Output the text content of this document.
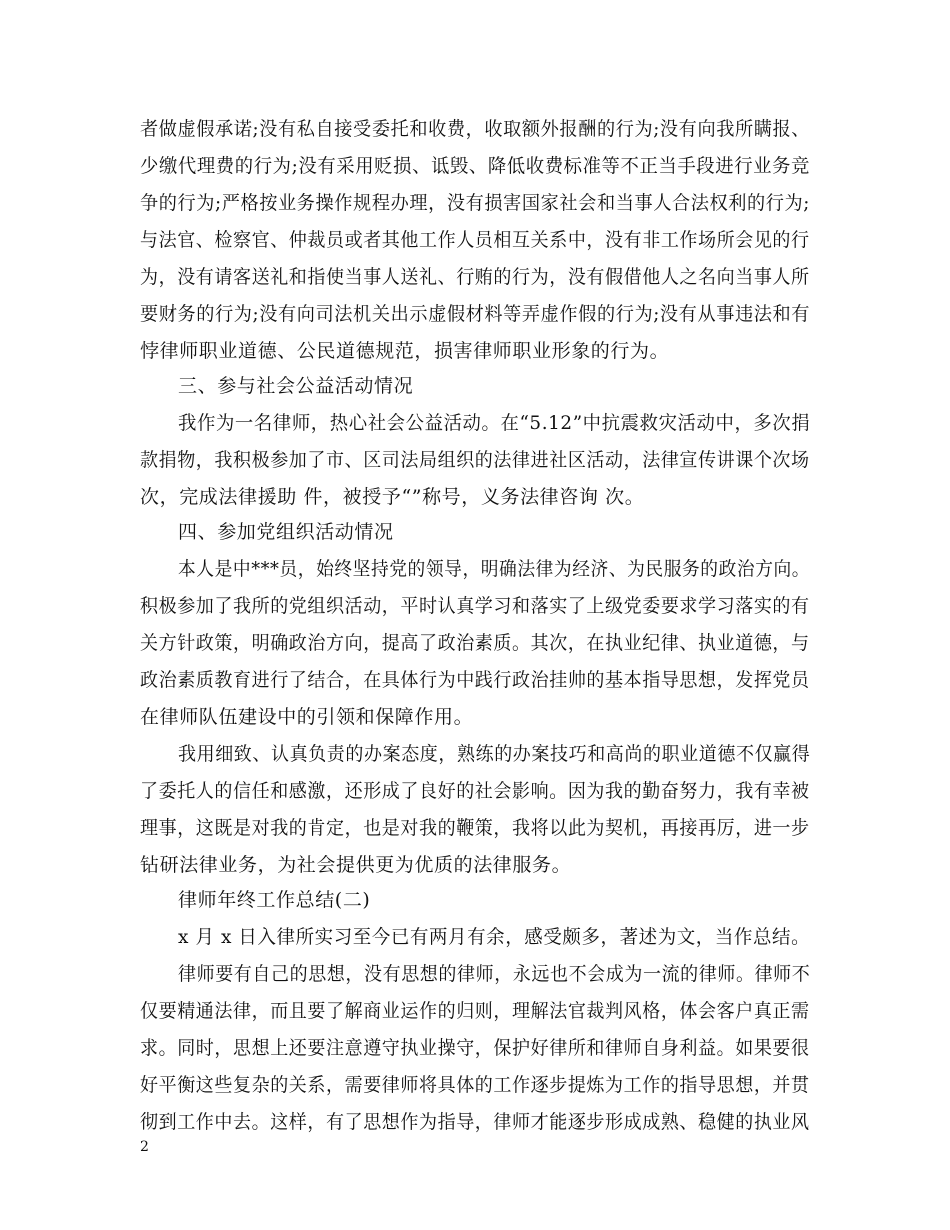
者做虚假承诺;没有私自接受委托和收费，收取额外报酬的行为;没有向我所瞒报、
少缴代理费的行为;没有采用贬损、诋毁、降低收费标准等不正当手段进行业务竞
争的行为;严格按业务操作规程办理，没有损害国家社会和当事人合法权利的行为;
与法官、检察官、仲裁员或者其他工作人员相互关系中，没有非工作场所会见的行
为，没有请客送礼和指使当事人送礼、行贿的行为，没有假借他人之名向当事人所
要财务的行为;没有向司法机关出示虚假材料等弄虚作假的行为;没有从事违法和有
悖律师职业道德、公民道德规范，损害律师职业形象的行为。
三、参与社会公益活动情况
我作为一名律师，热心社会公益活动。在“5.12”中抗震救灾活动中，多次捐
款捐物，我积极参加了市、区司法局组织的法律进社区活动，法律宣传讲课个次场
次，完成法律援助 件，被授予“”称号，义务法律咨询 次。
四、参加党组织活动情况
本人是中***员，始终坚持党的领导，明确法律为经济、为民服务的政治方向。
积极参加了我所的党组织活动，平时认真学习和落实了上级党委要求学习落实的有
关方针政策，明确政治方向，提高了政治素质。其次，在执业纪律、执业道德，与
政治素质教育进行了结合，在具体行为中践行政治挂帅的基本指导思想，发挥党员
在律师队伍建设中的引领和保障作用。
我用细致、认真负责的办案态度，熟练的办案技巧和高尚的职业道德不仅赢得
了委托人的信任和感激，还形成了良好的社会影响。因为我的勤奋努力，我有幸被
理事，这既是对我的肯定，也是对我的鞭策，我将以此为契机，再接再厉，进一步
钻研法律业务，为社会提供更为优质的法律服务。
律师年终工作总结(二)
x 月 x 日入律所实习至今已有两月有余，感受颇多，著述为文，当作总结。
律师要有自己的思想，没有思想的律师，永远也不会成为一流的律师。律师不
仅要精通法律，而且要了解商业运作的归则，理解法官裁判风格，体会客户真正需
求。同时，思想上还要注意遵守执业操守，保护好律所和律师自身利益。如果要很
好平衡这些复杂的关系，需要律师将具体的工作逐步提炼为工作的指导思想，并贯
彻到工作中去。这样，有了思想作为指导，律师才能逐步形成成熟、稳健的执业风
2
